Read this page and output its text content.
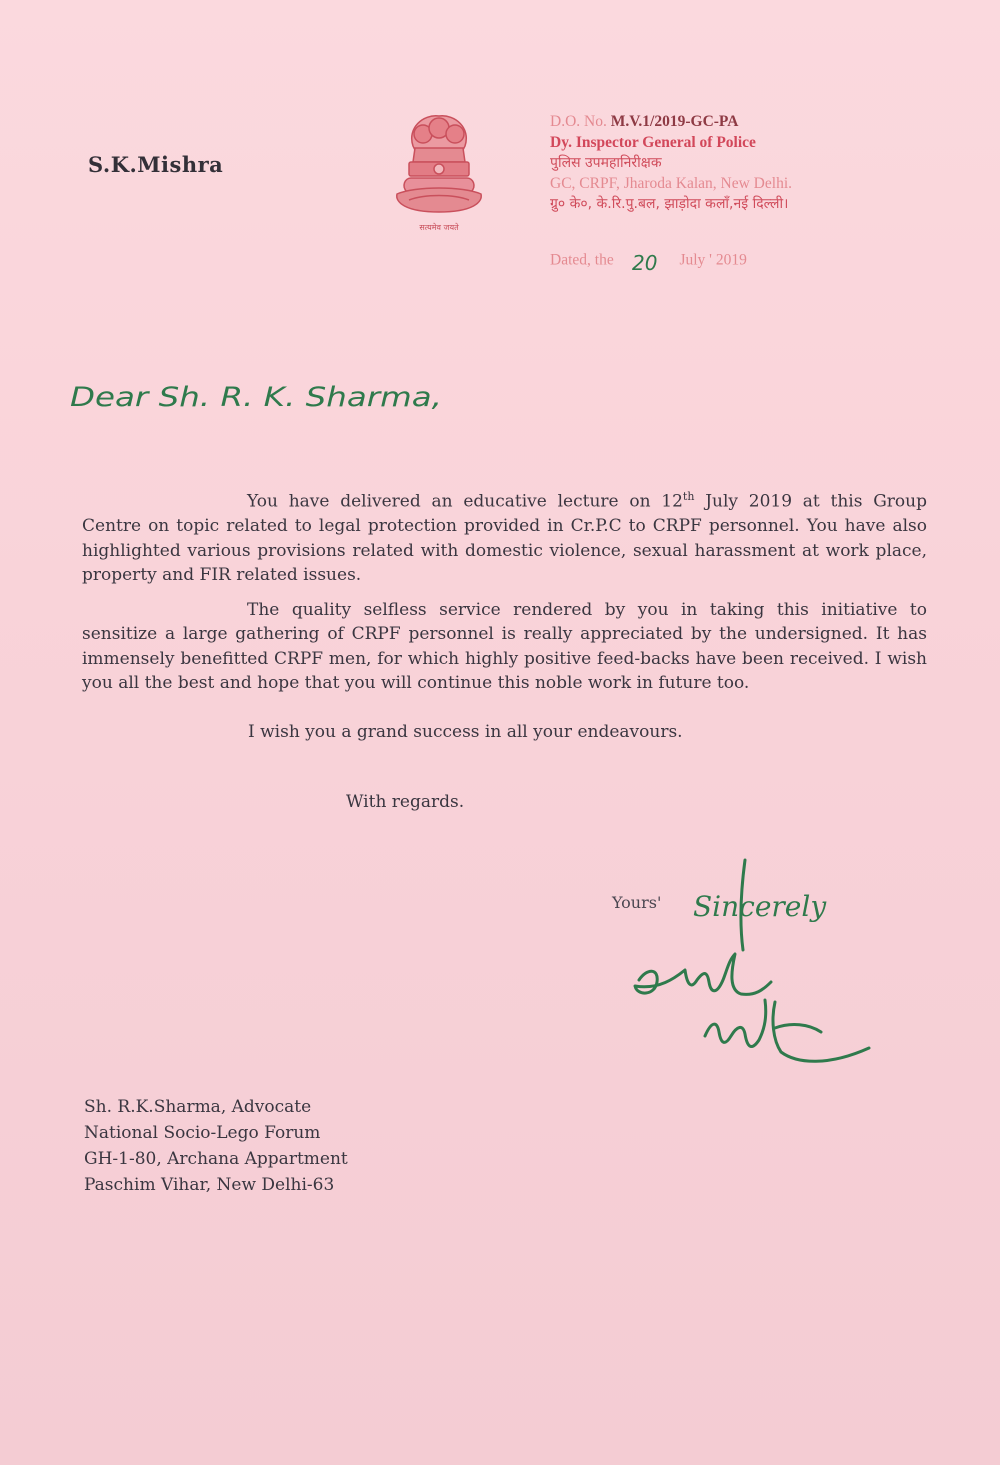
S.K.Mishra
सत्यमेव जयते
D.O. No. M.V.1/2019-GC-PA
Dy. Inspector General of Police
पुलिस उपमहानिरीक्षक
GC, CRPF, Jharoda Kalan, New Delhi.
ग्रु० के०, के.रि.पु.बल, झाड़ोदा कलाँ,नई दिल्ली।
Dated, the 20 July ' 2019
Dear Sh. R. K. Sharma,

You have delivered an educative lecture on 12th July 2019 at this Group Centre on topic related to legal protection provided in Cr.P.C to CRPF personnel. You have also highlighted various provisions related with domestic violence, sexual harassment at work place, property and FIR related issues.

The quality selfless service rendered by you in taking this initiative to sensitize a large gathering of CRPF personnel is really appreciated by the undersigned. It has immensely benefitted CRPF men, for which highly positive feed-backs have been received. I wish you all the best and hope that you will continue this noble work in future too.

I wish you a grand success in all your endeavours.
With regards.
Yours' Sincerely
Sh. R.K.Sharma, Advocate
National Socio-Lego Forum
GH-1-80, Archana Appartment
Paschim Vihar, New Delhi-63
